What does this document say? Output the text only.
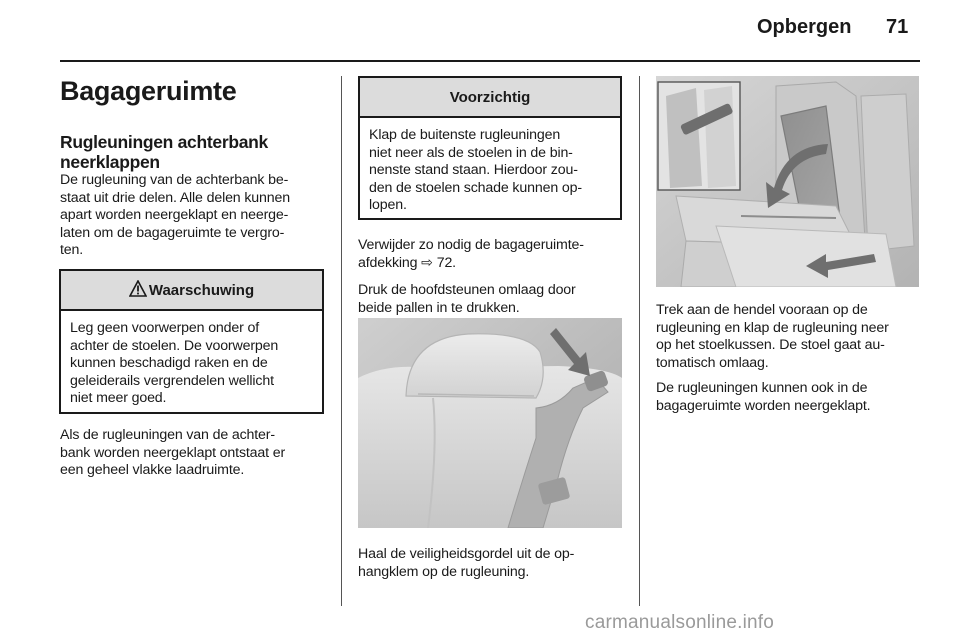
Opbergen 71
Bagageruimte
Rugleuningen achterbank neerklappen
De rugleuning van de achterbank be-
staat uit drie delen. Alle delen kunnen
apart worden neergeklapt en neerge-
laten om de bagageruimte te vergro-
ten.
Waarschuwing
Leg geen voorwerpen onder of
achter de stoelen. De voorwerpen
kunnen beschadigd raken en de
geleiderails vergrendelen wellicht
niet meer goed.
Als de rugleuningen van de achter-
bank worden neergeklapt ontstaat er
een geheel vlakke laadruimte.
Voorzichtig
Klap de buitenste rugleuningen
niet neer als de stoelen in de bin-
nenste stand staan. Hierdoor zou-
den de stoelen schade kunnen op-
lopen.
Verwijder zo nodig de bagageruimte-
afdekking ⇨ 72.
Druk de hoofdsteunen omlaag door
beide pallen in te drukken.
Haal de veiligheidsgordel uit de op-
hangklem op de rugleuning.
Trek aan de hendel vooraan op de
rugleuning en klap de rugleuning neer
op het stoelkussen. De stoel gaat au-
tomatisch omlaag.
De rugleuningen kunnen ook in de
bagageruimte worden neergeklapt.
carmanualsonline.info
